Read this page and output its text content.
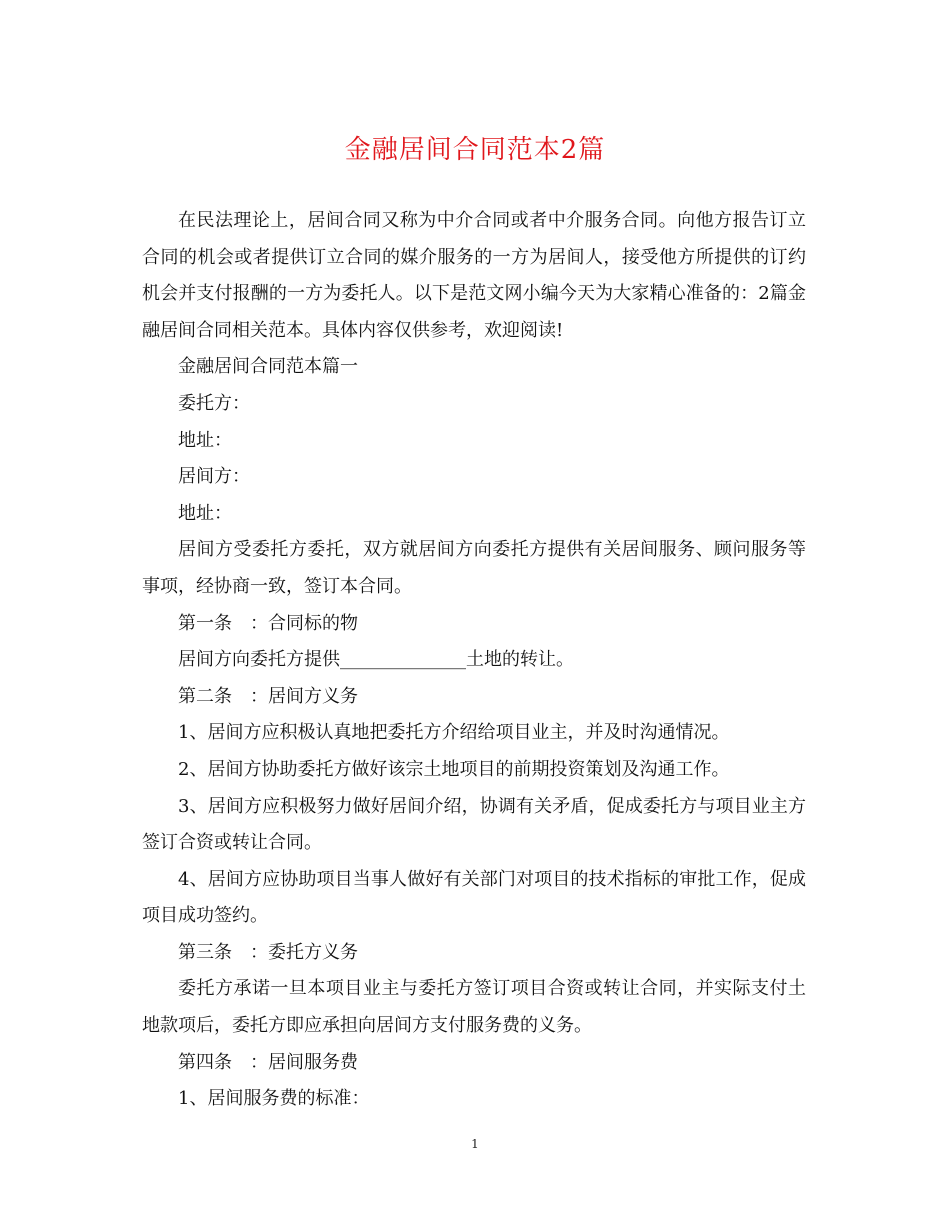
金融居间合同范本2篇

在民法理论上，居间合同又称为中介合同或者中介服务合同。向他方报告订立合同的机会或者提供订立合同的媒介服务的一方为居间人，接受他方所提供的订约机会并支付报酬的一方为委托人。以下是范文网小编今天为大家精心准备的：2篇金融居间合同相关范本。具体内容仅供参考，欢迎阅读!

金融居间合同范本篇一

委托方：

地址：

居间方：

地址：

居间方受委托方委托，双方就居间方向委托方提供有关居间服务、顾问服务等事项，经协商一致，签订本合同。

第一条　：合同标的物

居间方向委托方提供______________土地的转让。

第二条　：居间方义务

1、居间方应积极认真地把委托方介绍给项目业主，并及时沟通情况。

2、居间方协助委托方做好该宗土地项目的前期投资策划及沟通工作。

3、居间方应积极努力做好居间介绍，协调有关矛盾，促成委托方与项目业主方签订合资或转让合同。

4、居间方应协助项目当事人做好有关部门对项目的技术指标的审批工作，促成项目成功签约。

第三条　：委托方义务

委托方承诺一旦本项目业主与委托方签订项目合资或转让合同，并实际支付土地款项后，委托方即应承担向居间方支付服务费的义务。

第四条　：居间服务费

1、居间服务费的标准：

1
